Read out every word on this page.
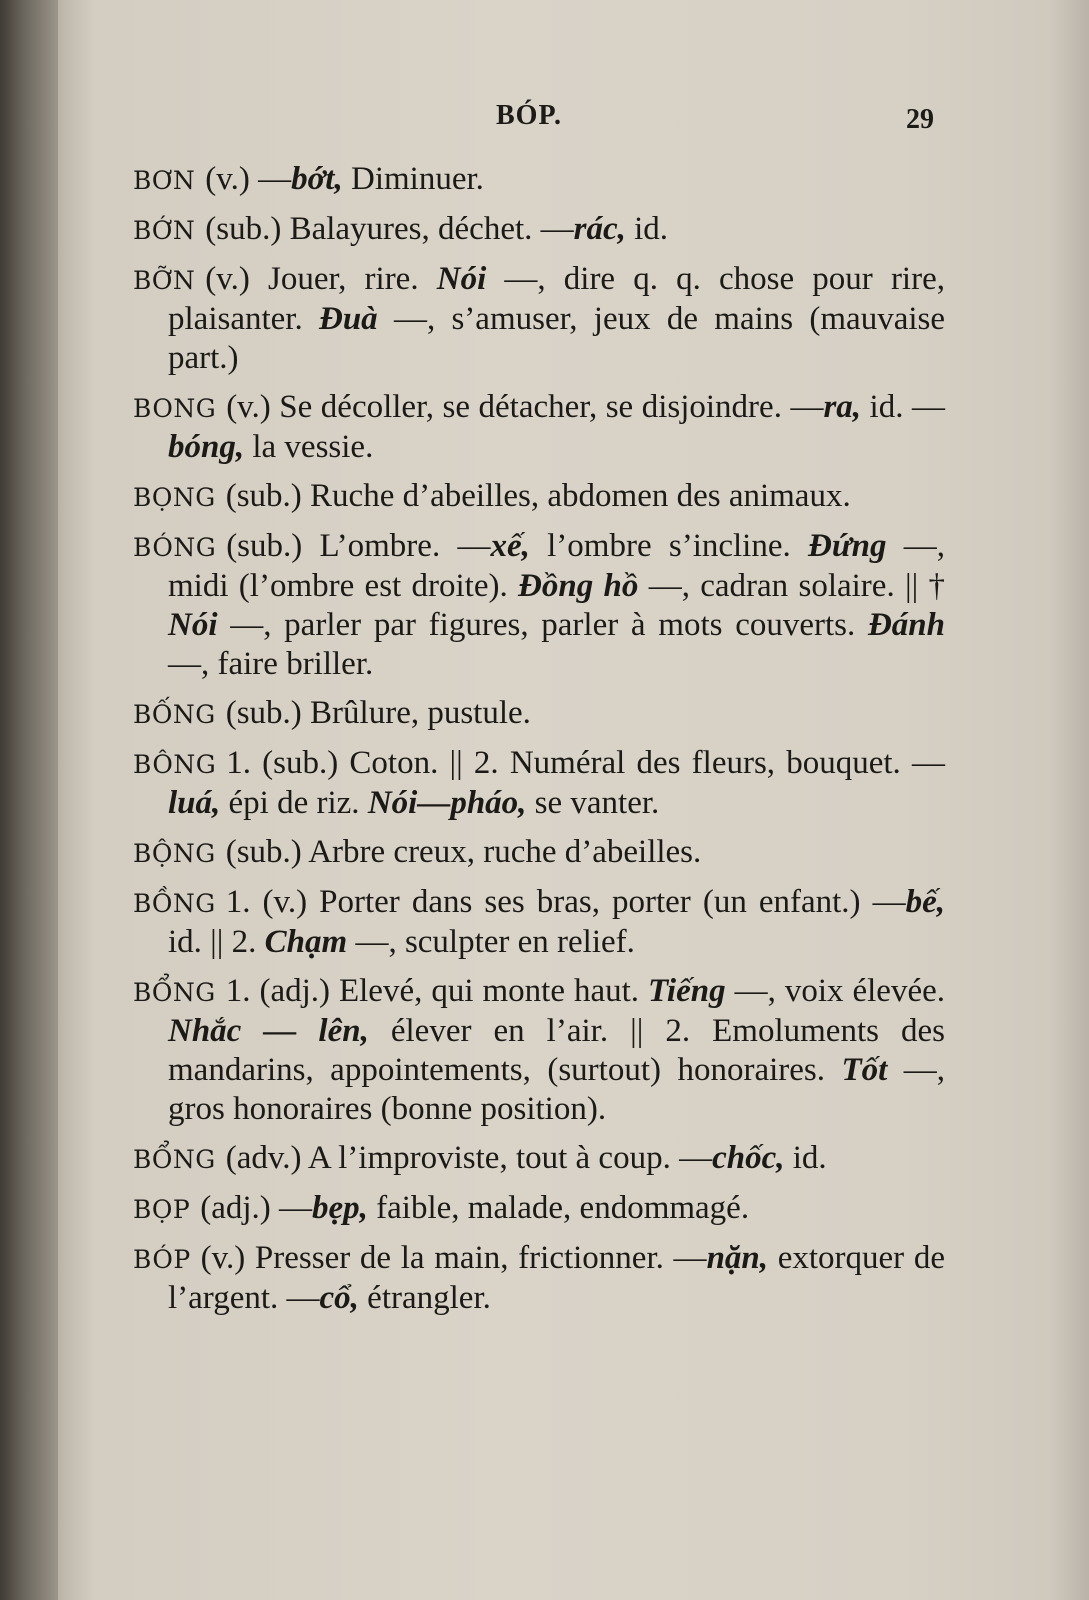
BÓP.	29

BƠN (v.) —bớt, Diminuer.

BỚN (sub.) Balayures, déchet. —rác, id.

BỠN (v.) Jouer, rire. Nói —, dire q. q. chose pour rire, plaisanter. Đuà —, s’amuser, jeux de mains (mauvaise part.)

BONG (v.) Se décoller, se détacher, se disjoindre. —ra, id. —bóng, la vessie.

BỌNG (sub.) Ruche d’abeilles, abdomen des animaux.

BÓNG (sub.) L’ombre. —xế, l’ombre s’incline. Đứng —, midi (l’ombre est droite). Đồng hồ —, cadran solaire. || † Nói —, parler par figures, parler à mots couverts. Đánh —, faire briller.

BỐNG (sub.) Brûlure, pustule.

BÔNG 1. (sub.) Coton. || 2. Numéral des fleurs, bouquet. —luá, épi de riz. Nói—pháo, se vanter.

BỘNG (sub.) Arbre creux, ruche d’abeilles.

BỒNG 1. (v.) Porter dans ses bras, porter (un enfant.) —bế, id. || 2. Chạm —, sculpter en relief.

BỔNG 1. (adj.) Elevé, qui monte haut. Tiếng —, voix élevée. Nhắc — lên, élever en l’air. || 2. Emoluments des mandarins, appointements, (surtout) honoraires. Tốt —, gros honoraires (bonne position).

BỔNG (adv.) A l’improviste, tout à coup. —chốc, id.

BỌP (adj.) —bẹp, faible, malade, endommagé.

BÓP (v.) Presser de la main, frictionner. —nặn, extorquer de l’argent. —cổ, étrangler.
